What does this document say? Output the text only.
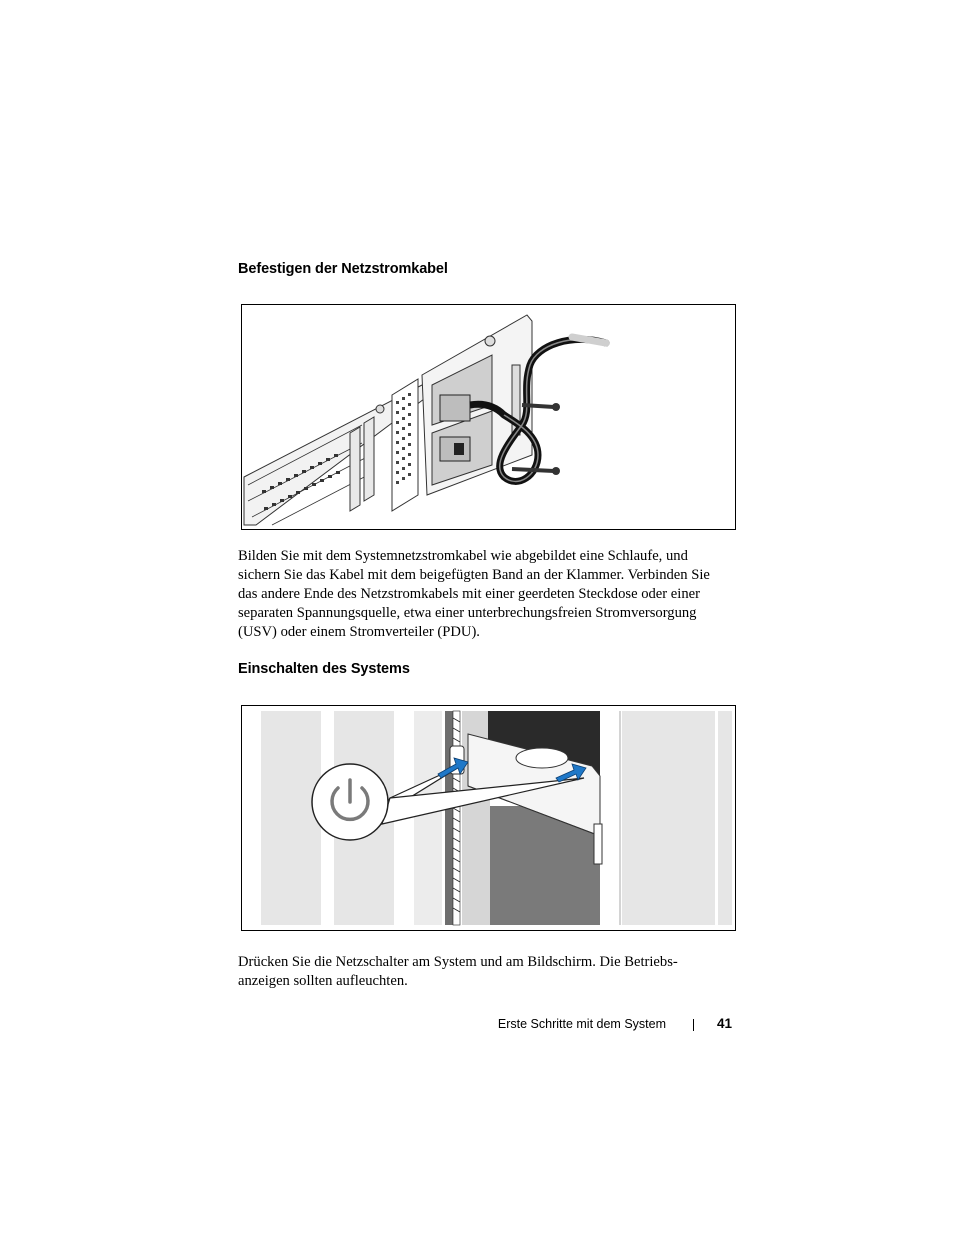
Befestigen der Netzstromkabel

Bilden Sie mit dem Systemnetzstromkabel wie abgebildet eine Schlaufe, und
sichern Sie das Kabel mit dem beigefügten Band an der Klammer. Verbinden Sie
das andere Ende des Netzstromkabels mit einer geerdeten Steckdose oder einer
separaten Spannungsquelle, etwa einer unterbrechungsfreien Stromversorgung
(USV) oder einem Stromverteiler (PDU).

Einschalten des Systems

Drücken Sie die Netzschalter am System und am Bildschirm. Die Betriebs-
anzeigen sollten aufleuchten.

Erste Schritte mit dem System	41
